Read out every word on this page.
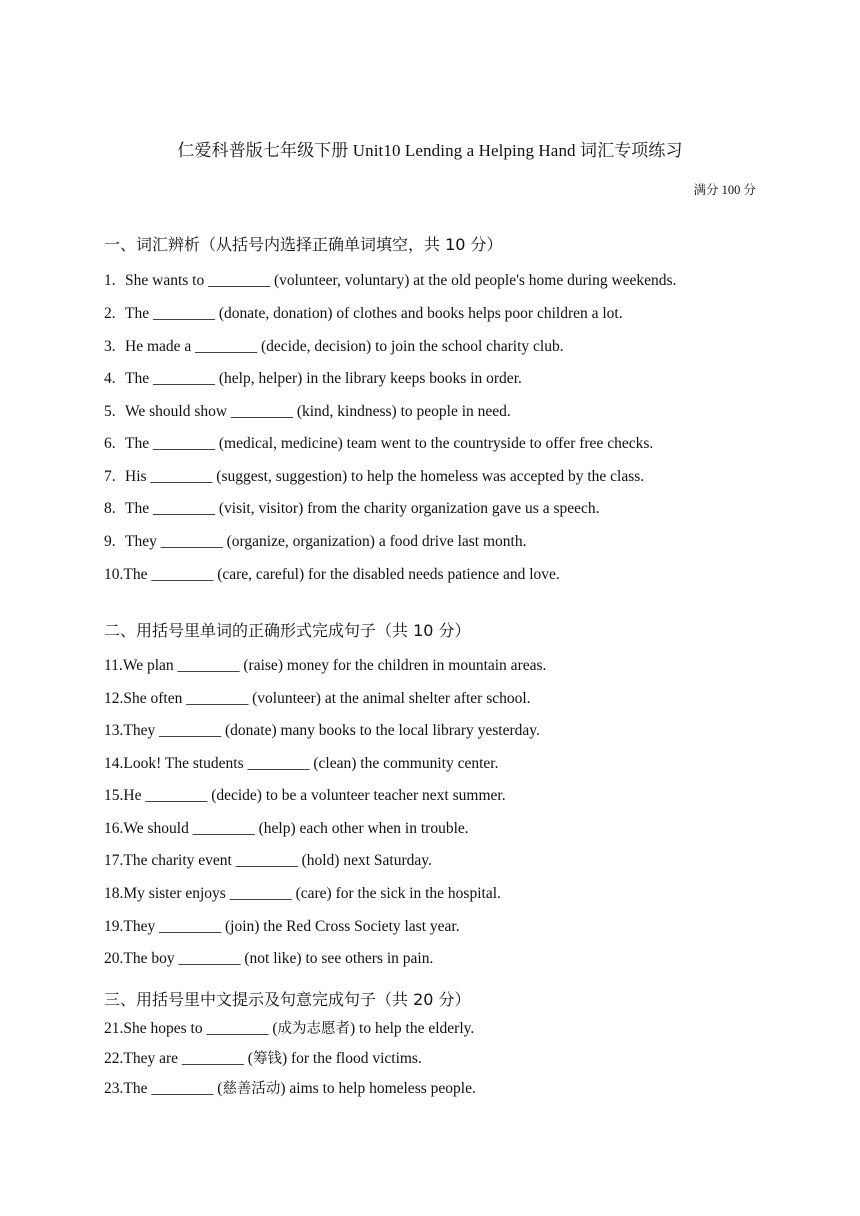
仁爱科普版七年级下册 Unit10 Lending a Helping Hand 词汇专项练习
满分 100 分
一、词汇辨析（从括号内选择正确单词填空，共 10 分）
1. She wants to ________ (volunteer, voluntary) at the old people's home during weekends.
2. The ________ (donate, donation) of clothes and books helps poor children a lot.
3. He made a ________ (decide, decision) to join the school charity club.
4. The ________ (help, helper) in the library keeps books in order.
5. We should show ________ (kind, kindness) to people in need.
6. The ________ (medical, medicine) team went to the countryside to offer free checks.
7. His ________ (suggest, suggestion) to help the homeless was accepted by the class.
8. The ________ (visit, visitor) from the charity organization gave us a speech.
9. They ________ (organize, organization) a food drive last month.
10.The ________ (care, careful) for the disabled needs patience and love.
二、用括号里单词的正确形式完成句子（共 10 分）
11.We plan ________ (raise) money for the children in mountain areas.
12.She often ________ (volunteer) at the animal shelter after school.
13.They ________ (donate) many books to the local library yesterday.
14.Look! The students ________ (clean) the community center.
15.He ________ (decide) to be a volunteer teacher next summer.
16.We should ________ (help) each other when in trouble.
17.The charity event ________ (hold) next Saturday.
18.My sister enjoys ________ (care) for the sick in the hospital.
19.They ________ (join) the Red Cross Society last year.
20.The boy ________ (not like) to see others in pain.
三、用括号里中文提示及句意完成句子（共 20 分）
21.She hopes to ________ (成为志愿者) to help the elderly.
22.They are ________ (筹钱) for the flood victims.
23.The ________ (慈善活动) aims to help homeless people.
